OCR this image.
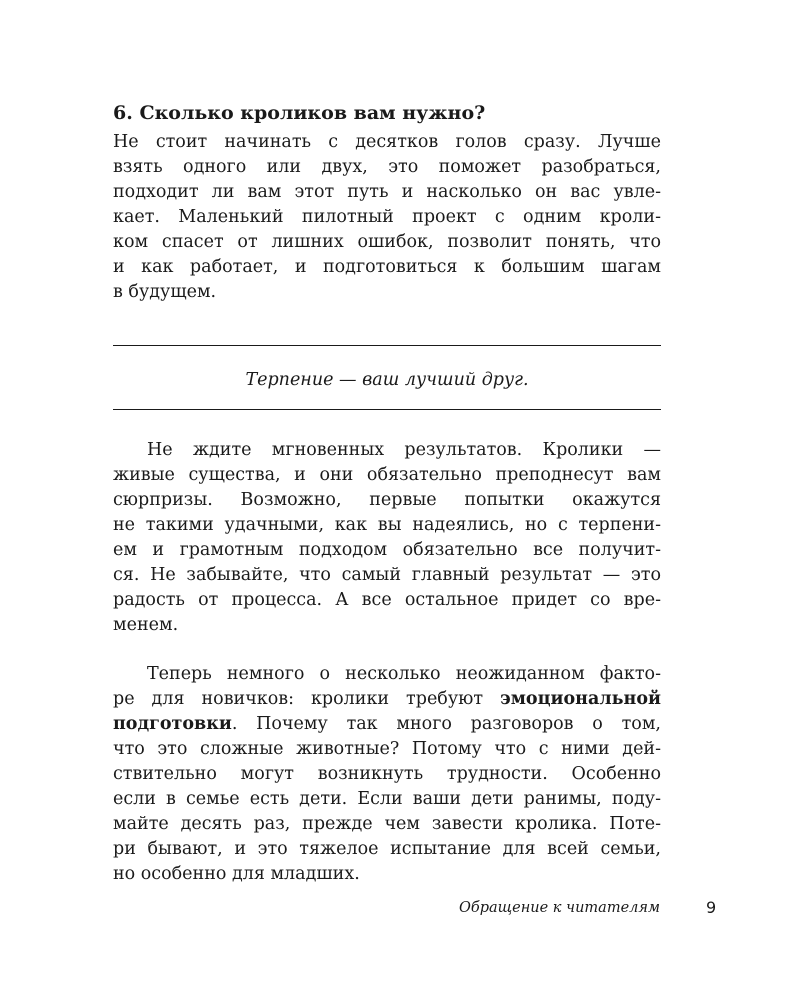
6. Сколько кроликов вам нужно?

Не стоит начинать с десятков голов сразу. Лучше
взять одного или двух, это поможет разобраться,
подходит ли вам этот путь и насколько он вас увле-
кает. Маленький пилотный проект с одним кроли-
ком спасет от лишних ошибок, позволит понять, что
и как работает, и подготовиться к большим шагам
в будущем.

Терпение — ваш лучший друг.

Не ждите мгновенных результатов. Кролики —
живые существа, и они обязательно преподнесут вам
сюрпризы. Возможно, первые попытки окажутся
не такими удачными, как вы надеялись, но с терпени-
ем и грамотным подходом обязательно все получит-
ся. Не забывайте, что самый главный результат — это
радость от процесса. А все остальное придет со вре-
менем.

Теперь немного о несколько неожиданном факто-
ре для новичков: кролики требуют эмоциональной
подготовки. Почему так много разговоров о том,
что это сложные животные? Потому что с ними дей-
ствительно могут возникнуть трудности. Особенно
если в семье есть дети. Если ваши дети ранимы, поду-
майте десять раз, прежде чем завести кролика. Поте-
ри бывают, и это тяжелое испытание для всей семьи,
но особенно для младших.

Обращение к читателям	9
